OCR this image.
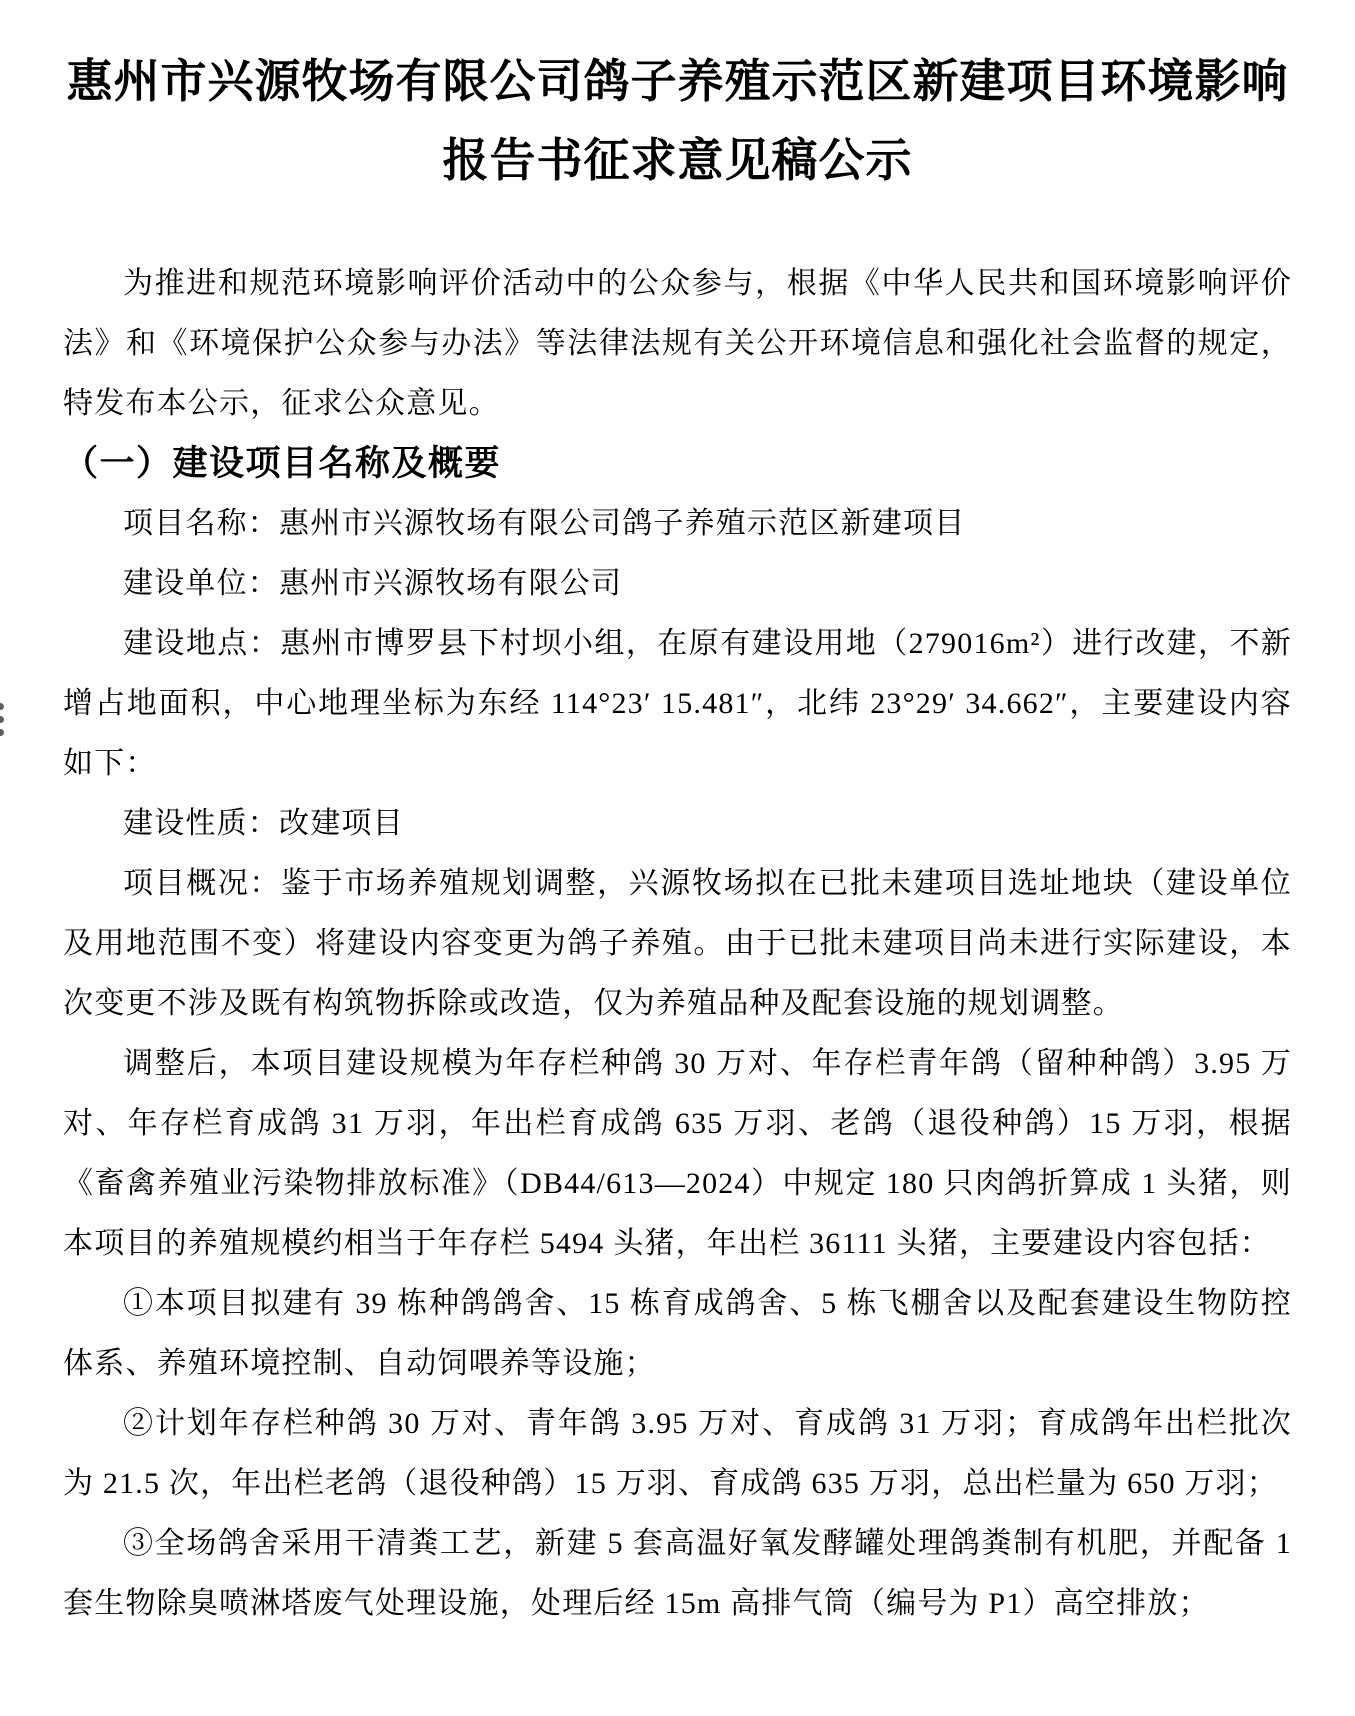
惠州市兴源牧场有限公司鸽子养殖示范区新建项目环境影响
报告书征求意见稿公示

为推进和规范环境影响评价活动中的公众参与，根据《中华人民共和国环境影响评价法》和《环境保护公众参与办法》等法律法规有关公开环境信息和强化社会监督的规定，特发布本公示，征求公众意见。

（一）建设项目名称及概要

项目名称：惠州市兴源牧场有限公司鸽子养殖示范区新建项目

建设单位：惠州市兴源牧场有限公司

建设地点：惠州市博罗县下村坝小组，在原有建设用地（279016m²）进行改建，不新增占地面积，中心地理坐标为东经 114°23′ 15.481″，北纬 23°29′ 34.662″，主要建设内容如下：

建设性质：改建项目

项目概况：鉴于市场养殖规划调整，兴源牧场拟在已批未建项目选址地块（建设单位及用地范围不变）将建设内容变更为鸽子养殖。由于已批未建项目尚未进行实际建设，本次变更不涉及既有构筑物拆除或改造，仅为养殖品种及配套设施的规划调整。

调整后，本项目建设规模为年存栏种鸽 30 万对、年存栏青年鸽（留种种鸽）3.95 万对、年存栏育成鸽 31 万羽，年出栏育成鸽 635 万羽、老鸽（退役种鸽）15 万羽，根据《畜禽养殖业污染物排放标准》（DB44/613—2024）中规定 180 只肉鸽折算成 1 头猪，则本项目的养殖规模约相当于年存栏 5494 头猪，年出栏 36111 头猪，主要建设内容包括：

①本项目拟建有 39 栋种鸽鸽舍、15 栋育成鸽舍、5 栋飞棚舍以及配套建设生物防控体系、养殖环境控制、自动饲喂养等设施；

②计划年存栏种鸽 30 万对、青年鸽 3.95 万对、育成鸽 31 万羽；育成鸽年出栏批次为 21.5 次，年出栏老鸽（退役种鸽）15 万羽、育成鸽 635 万羽，总出栏量为 650 万羽；

③全场鸽舍采用干清粪工艺，新建 5 套高温好氧发酵罐处理鸽粪制有机肥，并配备 1 套生物除臭喷淋塔废气处理设施，处理后经 15m 高排气筒（编号为 P1）高空排放；
